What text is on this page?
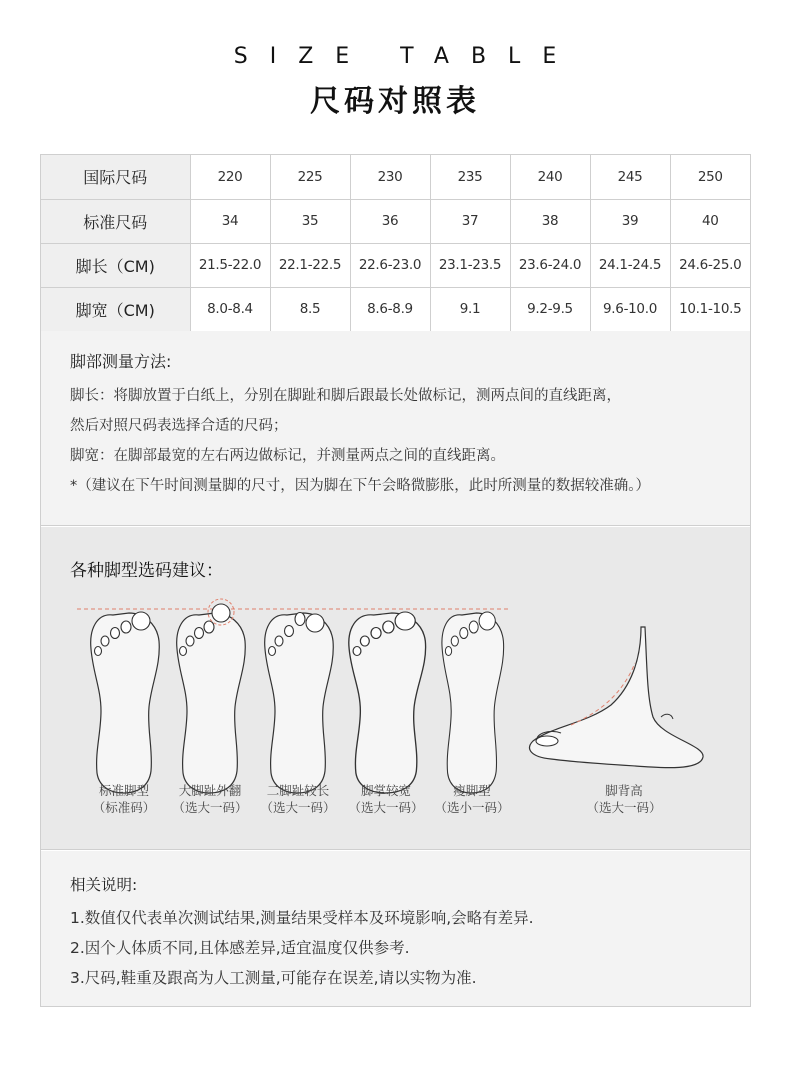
SIZE TABLE
尺码对照表
国际尺码	220	225	230	235	240	245	250
标准尺码	34	35	36	37	38	39	40
脚长（CM)	21.5-22.0	22.1-22.5	22.6-23.0	23.1-23.5	23.6-24.0	24.1-24.5	24.6-25.0
脚宽（CM)	8.0-8.4	8.5	8.6-8.9	9.1	9.2-9.5	9.6-10.0	10.1-10.5
脚部测量方法:
脚长：将脚放置于白纸上，分别在脚趾和脚后跟最长处做标记，测两点间的直线距离，
然后对照尺码表选择合适的尺码；
脚宽：在脚部最宽的左右两边做标记，并测量两点之间的直线距离。
*（建议在下午时间测量脚的尺寸，因为脚在下午会略微膨胀，此时所测量的数据较准确。）
各种脚型选码建议：
标准脚型
（标准码）
大脚趾外翻
（选大一码）
二脚趾较长
（选大一码）
脚掌较宽
（选大一码）
瘦脚型
（选小一码）
脚背高
（选大一码）
相关说明:
1.数值仅代表单次测试结果,测量结果受样本及环境影响,会略有差异.
2.因个人体质不同,且体感差异,适宜温度仅供参考.
3.尺码,鞋重及跟高为人工测量,可能存在误差,请以实物为准.
